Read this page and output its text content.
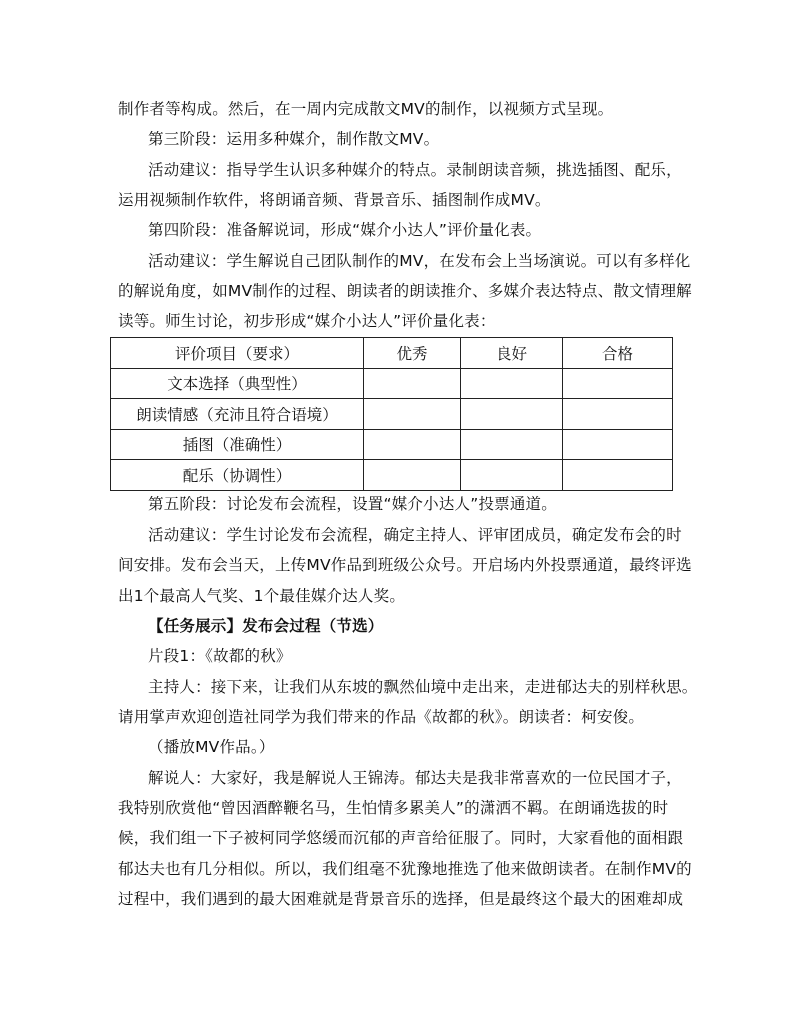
制作者等构成。然后，在一周内完成散文MV的制作，以视频方式呈现。
第三阶段：运用多种媒介，制作散文MV。
活动建议：指导学生认识多种媒介的特点。录制朗读音频，挑选插图、配乐，
运用视频制作软件，将朗诵音频、背景音乐、插图制作成MV。
第四阶段：准备解说词，形成“媒介小达人”评价量化表。
活动建议：学生解说自己团队制作的MV，在发布会上当场演说。可以有多样化
的解说角度，如MV制作的过程、朗读者的朗读推介、多媒介表达特点、散文情理解
读等。师生讨论，初步形成“媒介小达人”评价量化表：
评价项目（要求）	优秀	良好	合格
文本选择（典型性）			
朗读情感（充沛且符合语境）			
插图（准确性）			
配乐（协调性）			
第五阶段：讨论发布会流程，设置“媒介小达人”投票通道。
活动建议：学生讨论发布会流程，确定主持人、评审团成员，确定发布会的时
间安排。发布会当天，上传MV作品到班级公众号。开启场内外投票通道，最终评选
出1个最高人气奖、1个最佳媒介达人奖。
【任务展示】发布会过程（节选）
片段1：《故都的秋》
主持人：接下来，让我们从东坡的飘然仙境中走出来，走进郁达夫的别样秋思。
请用掌声欢迎创造社同学为我们带来的作品《故都的秋》。朗读者：柯安俊。
（播放MV作品。）
解说人：大家好，我是解说人王锦涛。郁达夫是我非常喜欢的一位民国才子，
我特别欣赏他“曾因酒醉鞭名马，生怕情多累美人”的潇洒不羁。在朗诵选拔的时
候，我们组一下子被柯同学悠缓而沉郁的声音给征服了。同时，大家看他的面相跟
郁达夫也有几分相似。所以，我们组毫不犹豫地推选了他来做朗读者。在制作MV的
过程中，我们遇到的最大困难就是背景音乐的选择，但是最终这个最大的困难却成
